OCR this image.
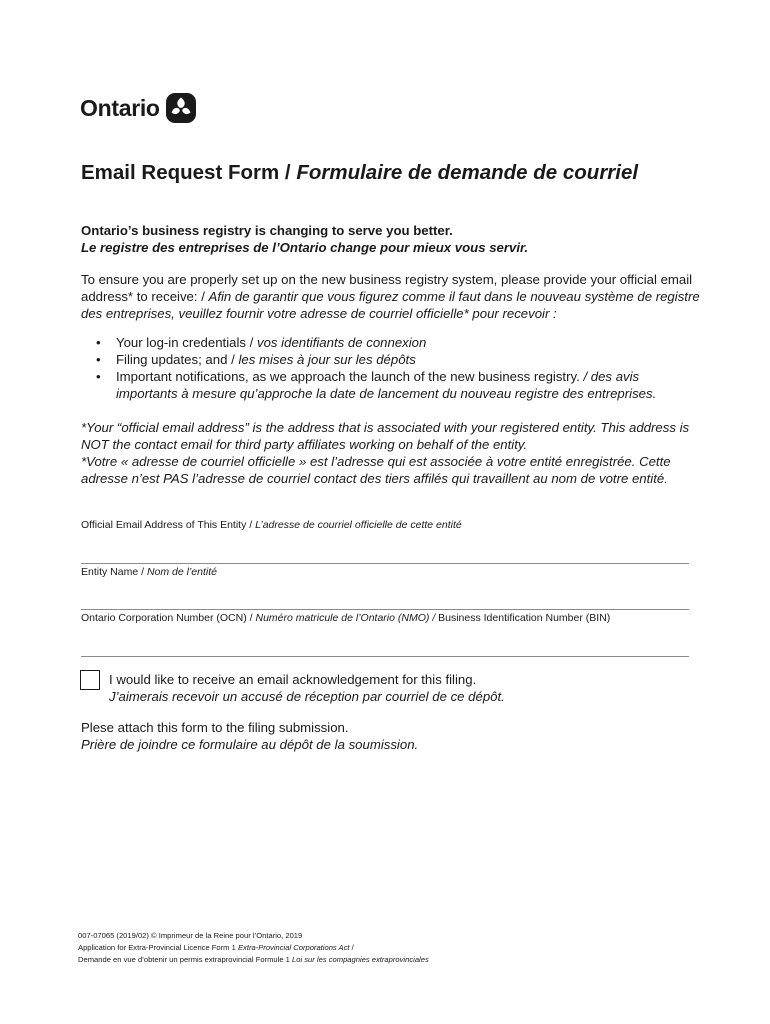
Ontario
Email Request Form / Formulaire de demande de courriel
Ontario’s business registry is changing to serve you better.
Le registre des entreprises de l’Ontario change pour mieux vous servir.
To ensure you are properly set up on the new business registry system, please provide your official email address* to receive: / Afin de garantir que vous figurez comme il faut dans le nouveau système de registre des entreprises, veuillez fournir votre adresse de courriel officielle* pour recevoir :
• Your log-in credentials / vos identifiants de connexion
• Filing updates; and / les mises à jour sur les dépôts
• Important notifications, as we approach the launch of the new business registry. / des avis importants à mesure qu’approche la date de lancement du nouveau registre des entreprises.
*Your “official email address” is the address that is associated with your registered entity. This address is NOT the contact email for third party affiliates working on behalf of the entity.
*Votre « adresse de courriel officielle » est l’adresse qui est associée à votre entité enregistrée. Cette adresse n’est PAS l’adresse de courriel contact des tiers affilés qui travaillent au nom de votre entité.
Official Email Address of This Entity / L’adresse de courriel officielle de cette entité
Entity Name / Nom de l’entité
Ontario Corporation Number (OCN) / Numéro matricule de l’Ontario (NMO) / Business Identification Number (BIN)
I would like to receive an email acknowledgement for this filing.
J’aimerais recevoir un accusé de réception par courriel de ce dépôt.
Plese attach this form to the filing submission.
Prière de joindre ce formulaire au dépôt de la soumission.
007-07065 (2019/02) © Imprimeur de la Reine pour l’Ontario, 2019
Application for Extra-Provincial Licence Form 1 Extra-Provincial Corporations Act /
Demande en vue d’obtenir un permis extraprovincial Formule 1 Loi sur les compagnies extraprovinciales
